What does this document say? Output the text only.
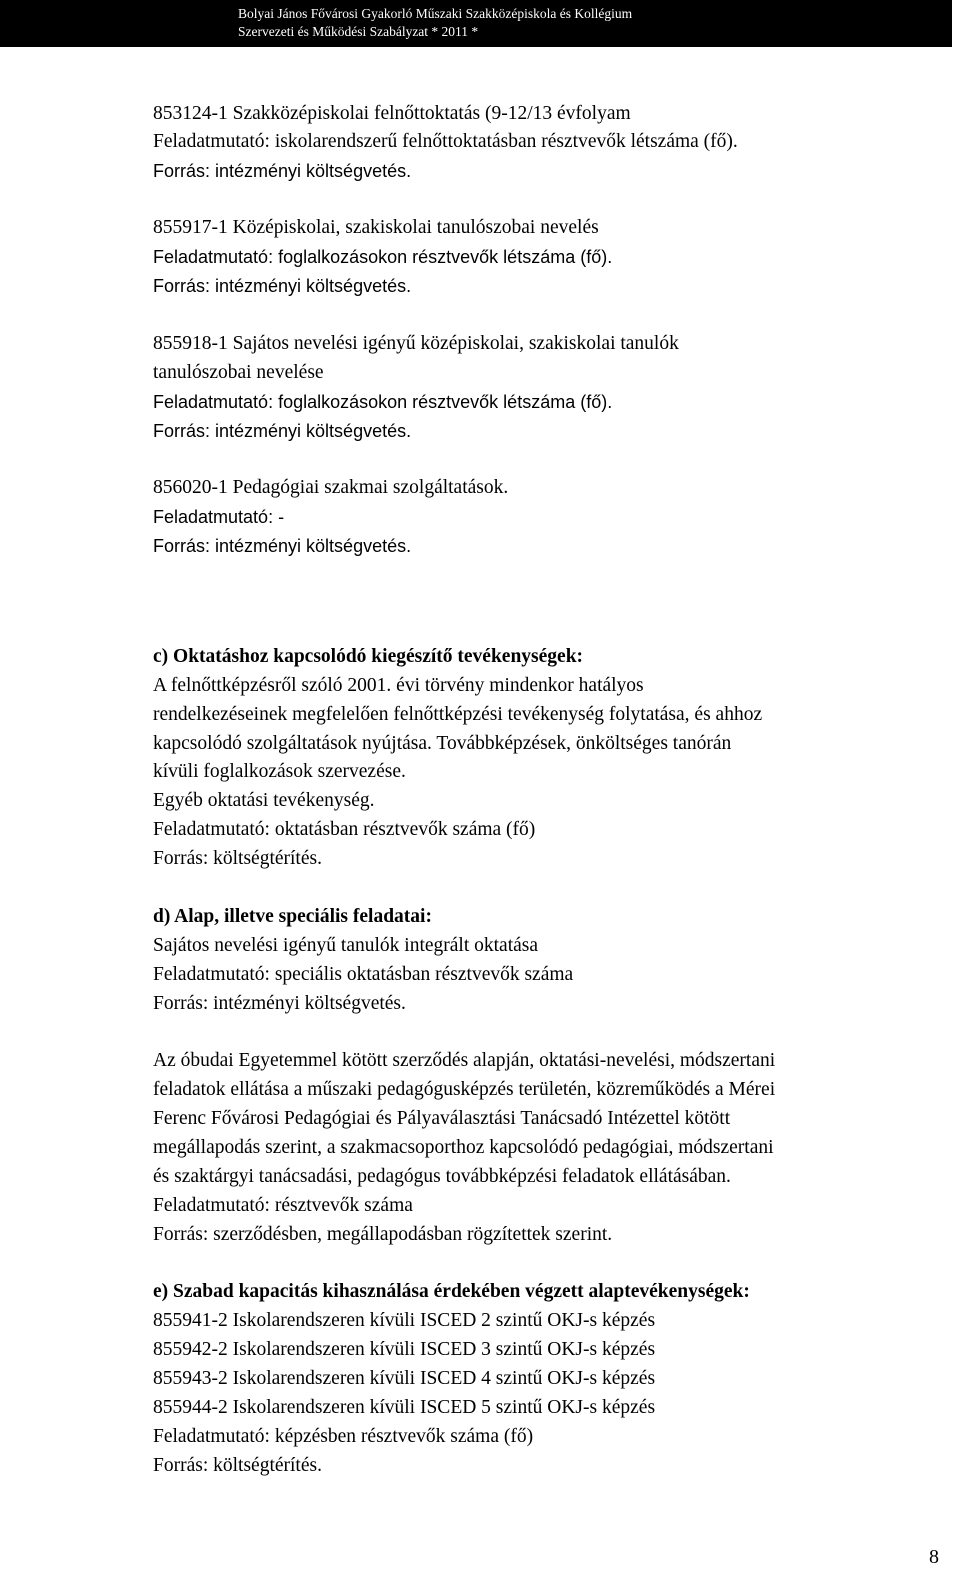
Bolyai János Fővárosi Gyakorló Műszaki Szakközépiskola és Kollégium
Szervezeti és Működési Szabályzat * 2011 *
853124-1 Szakközépiskolai felnőttoktatás (9-12/13 évfolyam
Feladatmutató: iskolarendszerű felnőttoktatásban résztvevők létszáma (fő).
Forrás: intézményi költségvetés.
855917-1 Középiskolai, szakiskolai tanulószobai nevelés
Feladatmutató: foglalkozásokon résztvevők létszáma (fő).
Forrás: intézményi költségvetés.
855918-1 Sajátos nevelési igényű középiskolai, szakiskolai tanulók
tanulószobai nevelése
Feladatmutató: foglalkozásokon résztvevők létszáma (fő).
Forrás: intézményi költségvetés.
856020-1 Pedagógiai szakmai szolgáltatások.
Feladatmutató: -
Forrás: intézményi költségvetés.
c) Oktatáshoz kapcsolódó kiegészítő tevékenységek:
A felnőttképzésről szóló 2001. évi törvény mindenkor hatályos
rendelkezéseinek megfelelően felnőttképzési tevékenység folytatása, és ahhoz
kapcsolódó szolgáltatások nyújtása. Továbbképzések, önköltséges tanórán
kívüli foglalkozások szervezése.
Egyéb oktatási tevékenység.
Feladatmutató: oktatásban résztvevők száma (fő)
Forrás: költségtérítés.
d) Alap, illetve speciális feladatai:
Sajátos nevelési igényű tanulók integrált oktatása
Feladatmutató: speciális oktatásban résztvevők száma
Forrás: intézményi költségvetés.
Az óbudai Egyetemmel kötött szerződés alapján, oktatási-nevelési, módszertani
feladatok ellátása a műszaki pedagógusképzés területén, közreműködés a Mérei
Ferenc Fővárosi Pedagógiai és Pályaválasztási Tanácsadó Intézettel kötött
megállapodás szerint, a szakmacsoporthoz kapcsolódó pedagógiai, módszertani
és szaktárgyi tanácsadási, pedagógus továbbképzési feladatok ellátásában.
Feladatmutató: résztvevők száma
Forrás: szerződésben, megállapodásban rögzítettek szerint.
e) Szabad kapacitás kihasználása érdekében végzett alaptevékenységek:
855941-2 Iskolarendszeren kívüli ISCED 2 szintű OKJ-s képzés
855942-2 Iskolarendszeren kívüli ISCED 3 szintű OKJ-s képzés
855943-2 Iskolarendszeren kívüli ISCED 4 szintű OKJ-s képzés
855944-2 Iskolarendszeren kívüli ISCED 5 szintű OKJ-s képzés
Feladatmutató: képzésben résztvevők száma (fő)
Forrás: költségtérítés.
8
